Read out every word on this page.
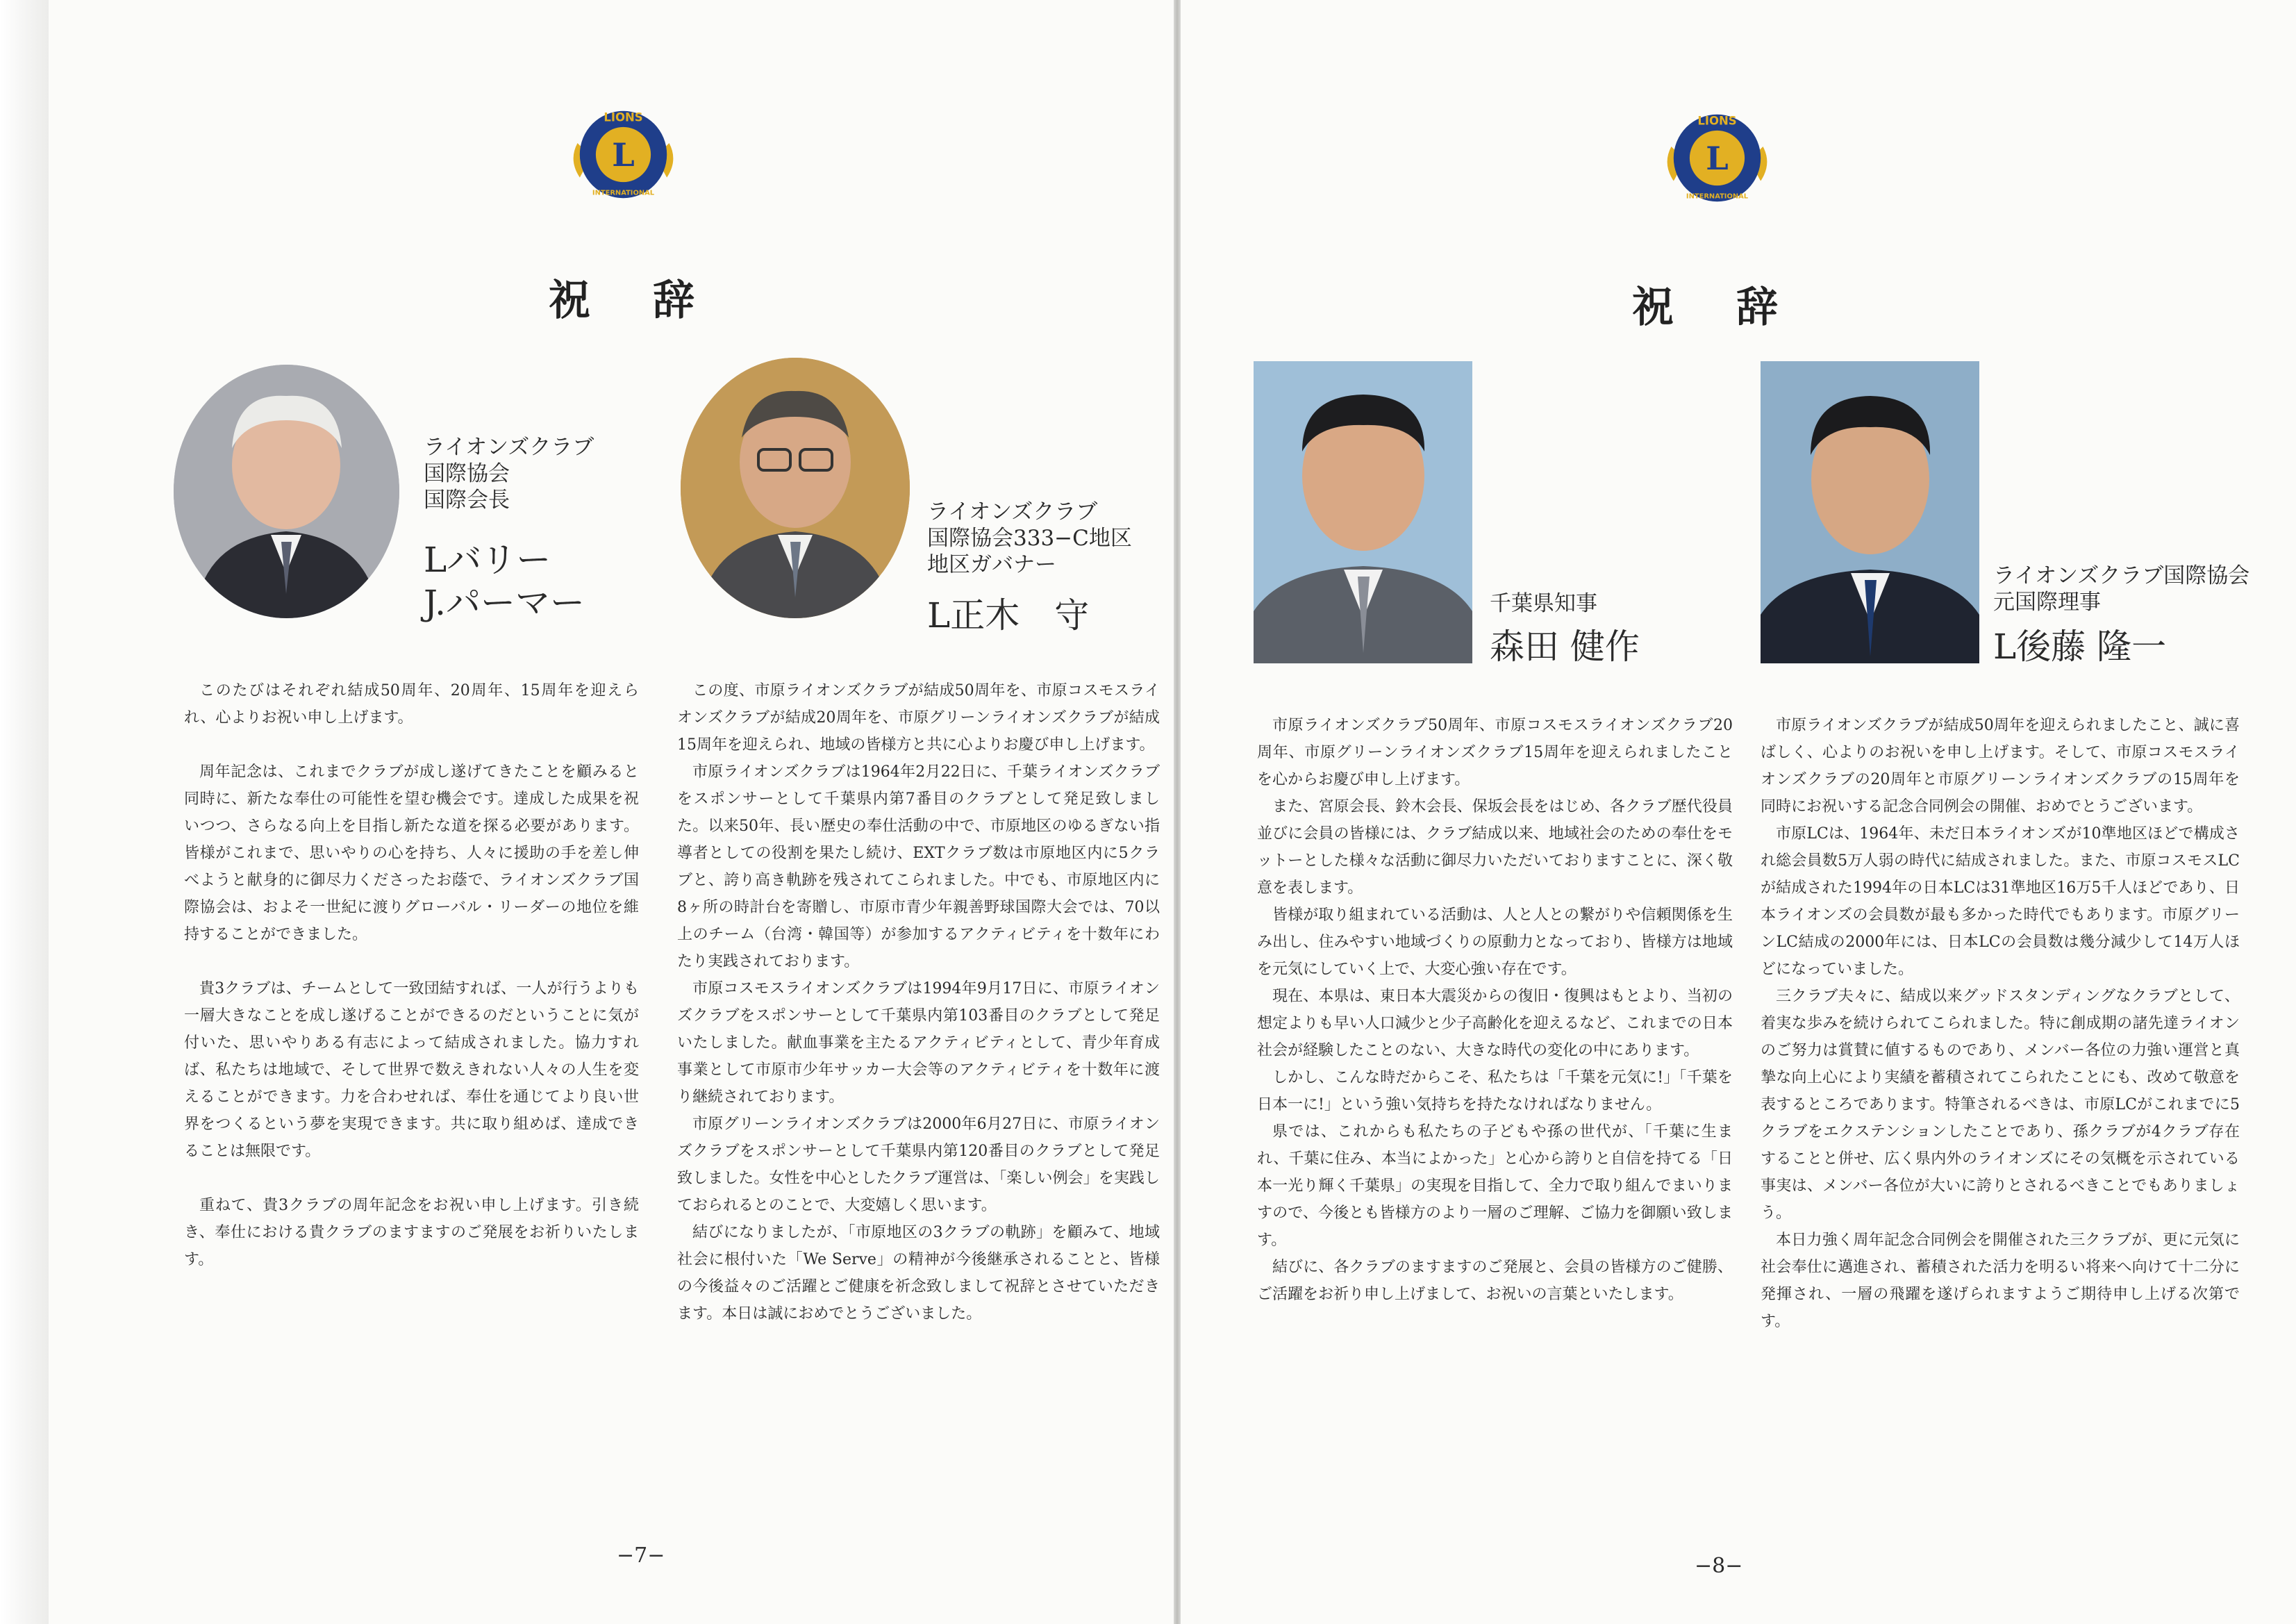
L
LIONS
INTERNATIONAL
祝辞
ライオンズクラブ
国際協会
国際会長
Lバリー
J.パーマー
ライオンズクラブ
国際協会333−C地区
地区ガバナー
L正木　守

このたびはそれぞれ結成50周年、20周年、15周年を迎えられ、心よりお祝い申し上げます。

周年記念は、これまでクラブが成し遂げてきたことを顧みると同時に、新たな奉仕の可能性を望む機会です。達成した成果を祝いつつ、さらなる向上を目指し新たな道を探る必要があります。皆様がこれまで、思いやりの心を持ち、人々に援助の手を差し伸べようと献身的に御尽力くださったお蔭で、ライオンズクラブ国際協会は、およそ一世紀に渡りグローバル・リーダーの地位を維持することができました。

貴3クラブは、チームとして一致団結すれば、一人が行うよりも一層大きなことを成し遂げることができるのだということに気が付いた、思いやりある有志によって結成されました。協力すれば、私たちは地域で、そして世界で数えきれない人々の人生を変えることができます。力を合わせれば、奉仕を通じてより良い世界をつくるという夢を実現できます。共に取り組めば、達成できることは無限です。

重ねて、貴3クラブの周年記念をお祝い申し上げます。引き続き、奉仕における貴クラブのますますのご発展をお祈りいたします。

この度、市原ライオンズクラブが結成50周年を、市原コスモスライオンズクラブが結成20周年を、市原グリーンライオンズクラブが結成15周年を迎えられ、地域の皆様方と共に心よりお慶び申し上げます。

市原ライオンズクラブは1964年2月22日に、千葉ライオンズクラブをスポンサーとして千葉県内第7番目のクラブとして発足致しました。以来50年、長い歴史の奉仕活動の中で、市原地区のゆるぎない指導者としての役割を果たし続け、EXTクラブ数は市原地区内に5クラブと、誇り高き軌跡を残されてこられました。中でも、市原地区内に8ヶ所の時計台を寄贈し、市原市青少年親善野球国際大会では、70以上のチーム（台湾・韓国等）が参加するアクティビティを十数年にわたり実践されております。

市原コスモスライオンズクラブは1994年9月17日に、市原ライオンズクラブをスポンサーとして千葉県内第103番目のクラブとして発足いたしました。献血事業を主たるアクティビティとして、青少年育成事業として市原市少年サッカー大会等のアクティビティを十数年に渡り継続されております。

市原グリーンライオンズクラブは2000年6月27日に、市原ライオンズクラブをスポンサーとして千葉県内第120番目のクラブとして発足致しました。女性を中心としたクラブ運営は、「楽しい例会」を実践しておられるとのことで、大変嬉しく思います。

結びになりましたが、「市原地区の3クラブの軌跡」を顧みて、地域社会に根付いた「We Serve」の精神が今後継承されることと、皆様の今後益々のご活躍とご健康を祈念致しまして祝辞とさせていただきます。本日は誠におめでとうございました。

−7−
L
LIONS
INTERNATIONAL
祝辞
千葉県知事
森田 健作
ライオンズクラブ国際協会
元国際理事
L後藤 隆一

市原ライオンズクラブ50周年、市原コスモスライオンズクラブ20周年、市原グリーンライオンズクラブ15周年を迎えられましたことを心からお慶び申し上げます。

また、宮原会長、鈴木会長、保坂会長をはじめ、各クラブ歴代役員並びに会員の皆様には、クラブ結成以来、地域社会のための奉仕をモットーとした様々な活動に御尽力いただいておりますことに、深く敬意を表します。

皆様が取り組まれている活動は、人と人との繋がりや信頼関係を生み出し、住みやすい地域づくりの原動力となっており、皆様方は地域を元気にしていく上で、大変心強い存在です。

現在、本県は、東日本大震災からの復旧・復興はもとより、当初の想定よりも早い人口減少と少子高齢化を迎えるなど、これまでの日本社会が経験したことのない、大きな時代の変化の中にあります。

しかし、こんな時だからこそ、私たちは「千葉を元気に!」「千葉を日本一に!」という強い気持ちを持たなければなりません。

県では、これからも私たちの子どもや孫の世代が、「千葉に生まれ、千葉に住み、本当によかった」と心から誇りと自信を持てる「日本一光り輝く千葉県」の実現を目指して、全力で取り組んでまいりますので、今後とも皆様方のより一層のご理解、ご協力を御願い致します。

結びに、各クラブのますますのご発展と、会員の皆様方のご健勝、ご活躍をお祈り申し上げまして、お祝いの言葉といたします。

市原ライオンズクラブが結成50周年を迎えられましたこと、誠に喜ばしく、心よりのお祝いを申し上げます。そして、市原コスモスライオンズクラブの20周年と市原グリーンライオンズクラブの15周年を同時にお祝いする記念合同例会の開催、おめでとうございます。

市原LCは、1964年、未だ日本ライオンズが10準地区ほどで構成され総会員数5万人弱の時代に結成されました。また、市原コスモスLCが結成された1994年の日本LCは31準地区16万5千人ほどであり、日本ライオンズの会員数が最も多かった時代でもあります。市原グリーンLC結成の2000年には、日本LCの会員数は幾分減少して14万人ほどになっていました。

三クラブ夫々に、結成以来グッドスタンディングなクラブとして、着実な歩みを続けられてこられました。特に創成期の諸先達ライオンのご努力は賞賛に値するものであり、メンバー各位の力強い運営と真摯な向上心により実績を蓄積されてこられたことにも、改めて敬意を表するところであります。特筆されるべきは、市原LCがこれまでに5クラブをエクステンションしたことであり、孫クラブが4クラブ存在することと併せ、広く県内外のライオンズにその気概を示されている事実は、メンバー各位が大いに誇りとされるべきことでもありましょう。

本日力強く周年記念合同例会を開催された三クラブが、更に元気に社会奉仕に邁進され、蓄積された活力を明るい将来へ向けて十二分に発揮され、一層の飛躍を遂げられますようご期待申し上げる次第です。

−8−
